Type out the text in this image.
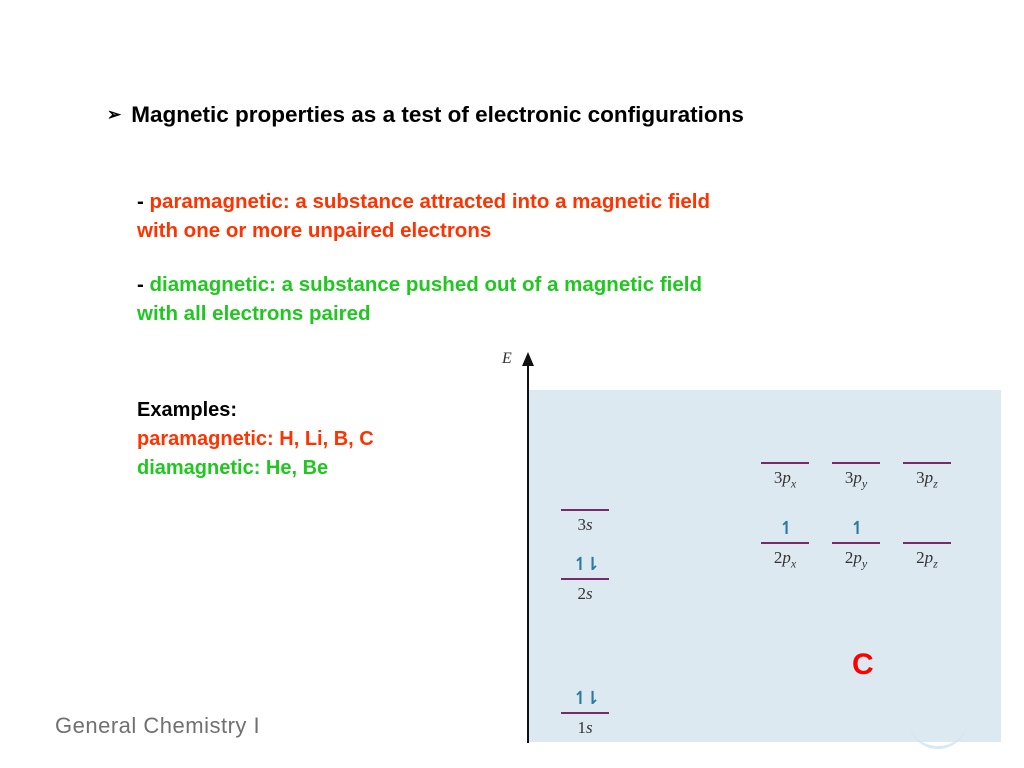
➢ Magnetic properties as a test of electronic configurations
- paramagnetic: a substance attracted into a magnetic field
with one or more unpaired electrons
- diamagnetic: a substance pushed out of a magnetic field
with all electrons paired
Examples:
paramagnetic: H, Li, B, C
diamagnetic: He, Be
E
3s
↿⇂
2s
↿⇂
1s
$3p_x$	$3p_y$	$3p_z$
↿
$2p_x$
↿
$2p_y$	$2p_z$
C
General Chemistry I
